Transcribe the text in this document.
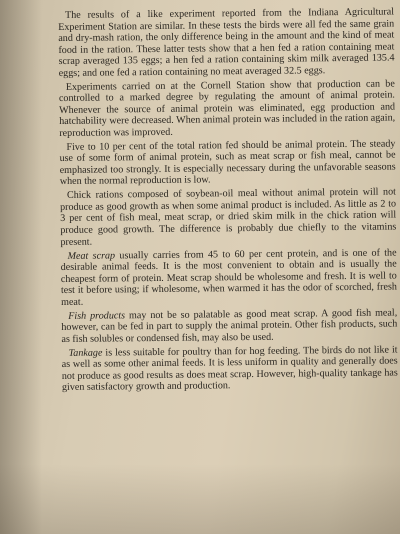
The results of a like experiment reported from the Indiana Agricultural Experiment Station are similar. In these tests the birds were all fed the same grain and dry-mash ration, the only difference being in the amount and the kind of meat food in the ration. These latter tests show that a hen fed a ration containing meat scrap averaged 135 eggs; a hen fed a ration containing skim milk averaged 135.4 eggs; and one fed a ration containing no meat averaged 32.5 eggs.

Experiments carried on at the Cornell Station show that production can be controlled to a marked degree by regulating the amount of animal protein. Whenever the source of animal protein was eliminated, egg production and hatchability were decreased. When animal protein was included in the ration again, reproduction was improved.

Five to 10 per cent of the total ration fed should be animal protein. The steady use of some form of animal protein, such as meat scrap or fish meal, cannot be emphasized too strongly. It is especially necessary during the unfavorable seasons when the normal reproduction is low.

Chick rations composed of soybean-oil meal without animal protein will not produce as good growth as when some animal product is included. As little as 2 to 3 per cent of fish meal, meat scrap, or dried skim milk in the chick ration will produce good growth. The difference is probably due chiefly to the vitamins present.

Meat scrap usually carries from 45 to 60 per cent protein, and is one of the desirable animal feeds. It is the most convenient to obtain and is usually the cheapest form of protein. Meat scrap should be wholesome and fresh. It is well to test it before using; if wholesome, when warmed it has the odor of scorched, fresh meat.

Fish products may not be so palatable as good meat scrap. A good fish meal, however, can be fed in part to supply the animal protein. Other fish products, such as fish solubles or condensed fish, may also be used.

Tankage is less suitable for poultry than for hog feeding. The birds do not like it as well as some other animal feeds. It is less uniform in quality and generally does not produce as good results as does meat scrap. However, high-quality tankage has given satisfactory growth and production.
